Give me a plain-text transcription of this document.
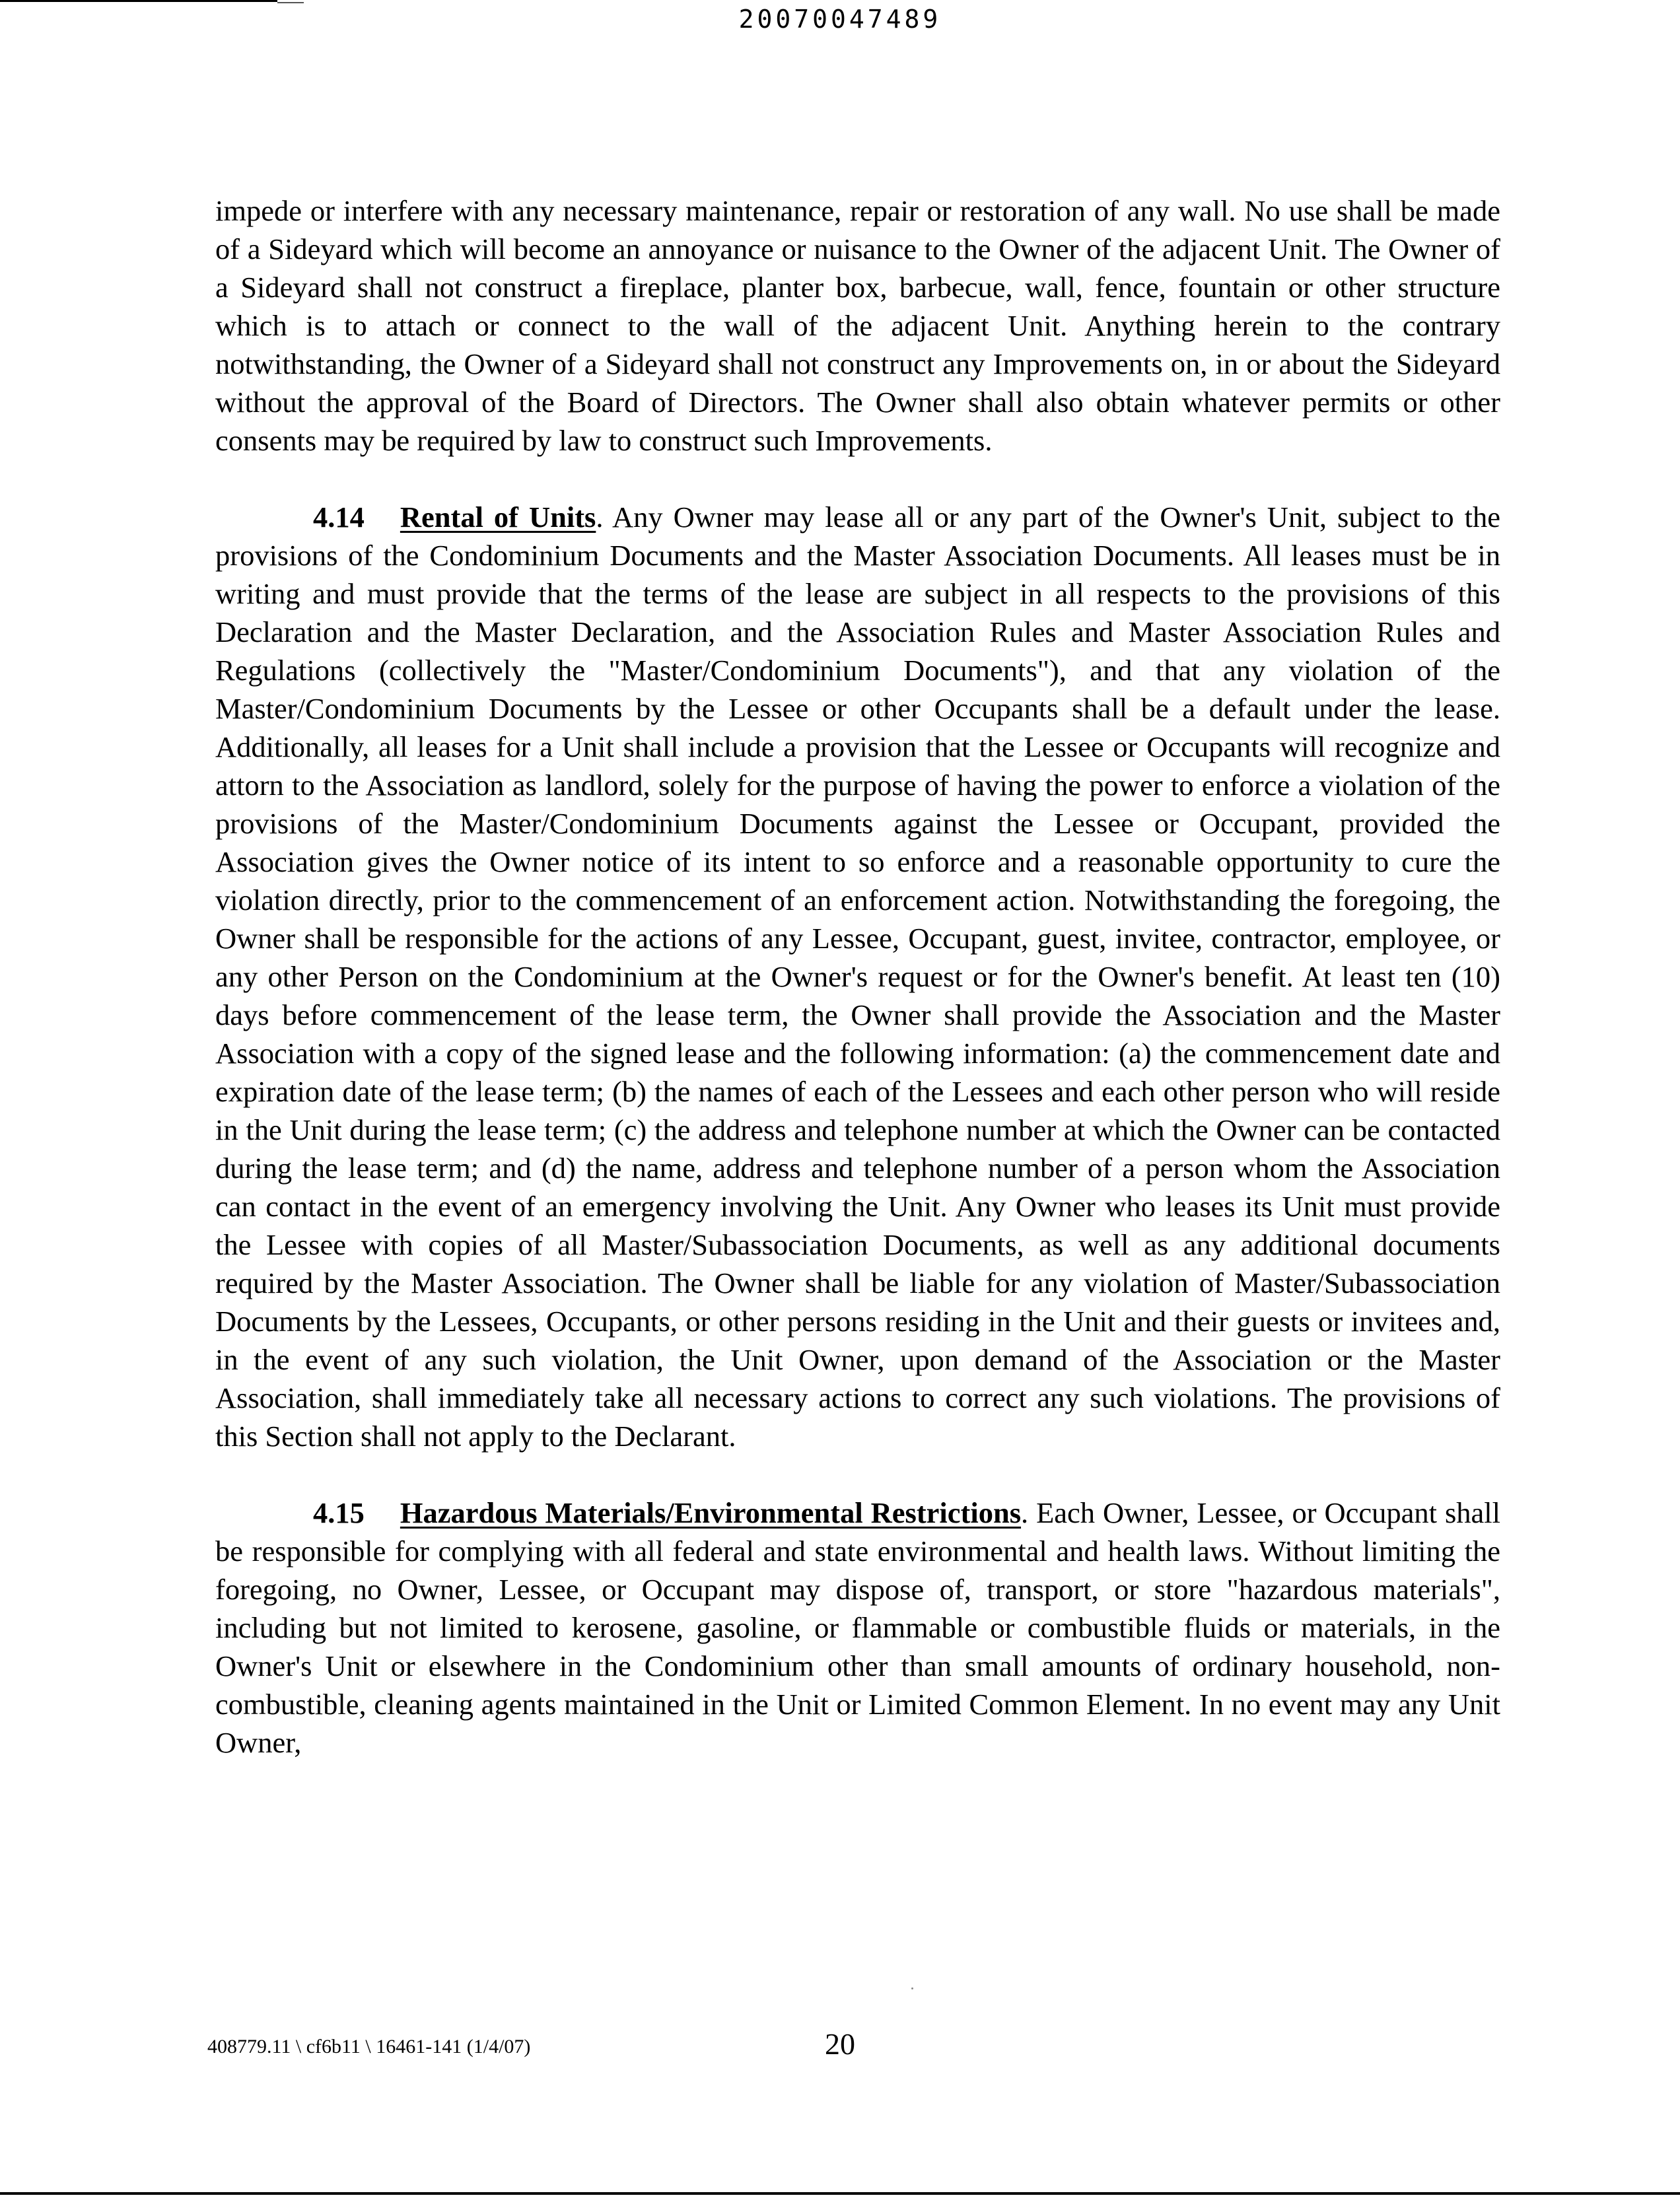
20070047489

impede or interfere with any necessary maintenance, repair or restoration of any wall. No use shall be made of a Sideyard which will become an annoyance or nuisance to the Owner of the adjacent Unit. The Owner of a Sideyard shall not construct a fireplace, planter box, barbecue, wall, fence, fountain or other structure which is to attach or connect to the wall of the adjacent Unit. Anything herein to the contrary notwithstanding, the Owner of a Sideyard shall not construct any Improvements on, in or about the Sideyard without the approval of the Board of Directors. The Owner shall also obtain whatever permits or other consents may be required by law to construct such Improvements.

4.14 Rental of Units. Any Owner may lease all or any part of the Owner's Unit, subject to the provisions of the Condominium Documents and the Master Association Documents. All leases must be in writing and must provide that the terms of the lease are subject in all respects to the provisions of this Declaration and the Master Declaration, and the Association Rules and Master Association Rules and Regulations (collectively the "Master/Condominium Documents"), and that any violation of the Master/Condominium Documents by the Lessee or other Occupants shall be a default under the lease. Additionally, all leases for a Unit shall include a provision that the Lessee or Occupants will recognize and attorn to the Association as landlord, solely for the purpose of having the power to enforce a violation of the provisions of the Master/Condominium Documents against the Lessee or Occupant, provided the Association gives the Owner notice of its intent to so enforce and a reasonable opportunity to cure the violation directly, prior to the commencement of an enforcement action. Notwithstanding the foregoing, the Owner shall be responsible for the actions of any Lessee, Occupant, guest, invitee, contractor, employee, or any other Person on the Condominium at the Owner's request or for the Owner's benefit. At least ten (10) days before commencement of the lease term, the Owner shall provide the Association and the Master Association with a copy of the signed lease and the following information: (a) the commencement date and expiration date of the lease term; (b) the names of each of the Lessees and each other person who will reside in the Unit during the lease term; (c) the address and telephone number at which the Owner can be contacted during the lease term; and (d) the name, address and telephone number of a person whom the Association can contact in the event of an emergency involving the Unit. Any Owner who leases its Unit must provide the Lessee with copies of all Master/Subassociation Documents, as well as any additional documents required by the Master Association. The Owner shall be liable for any violation of Master/Subassociation Documents by the Lessees, Occupants, or other persons residing in the Unit and their guests or invitees and, in the event of any such violation, the Unit Owner, upon demand of the Association or the Master Association, shall immediately take all necessary actions to correct any such violations. The provisions of this Section shall not apply to the Declarant.

4.15 Hazardous Materials/Environmental Restrictions. Each Owner, Lessee, or Occupant shall be responsible for complying with all federal and state environmental and health laws. Without limiting the foregoing, no Owner, Lessee, or Occupant may dispose of, transport, or store "hazardous materials", including but not limited to kerosene, gasoline, or flammable or combustible fluids or materials, in the Owner's Unit or elsewhere in the Condominium other than small amounts of ordinary household, non-combustible, cleaning agents maintained in the Unit or Limited Common Element. In no event may any Unit Owner,

408779.11 \ cf6b11 \ 16461-141 (1/4/07)	20
